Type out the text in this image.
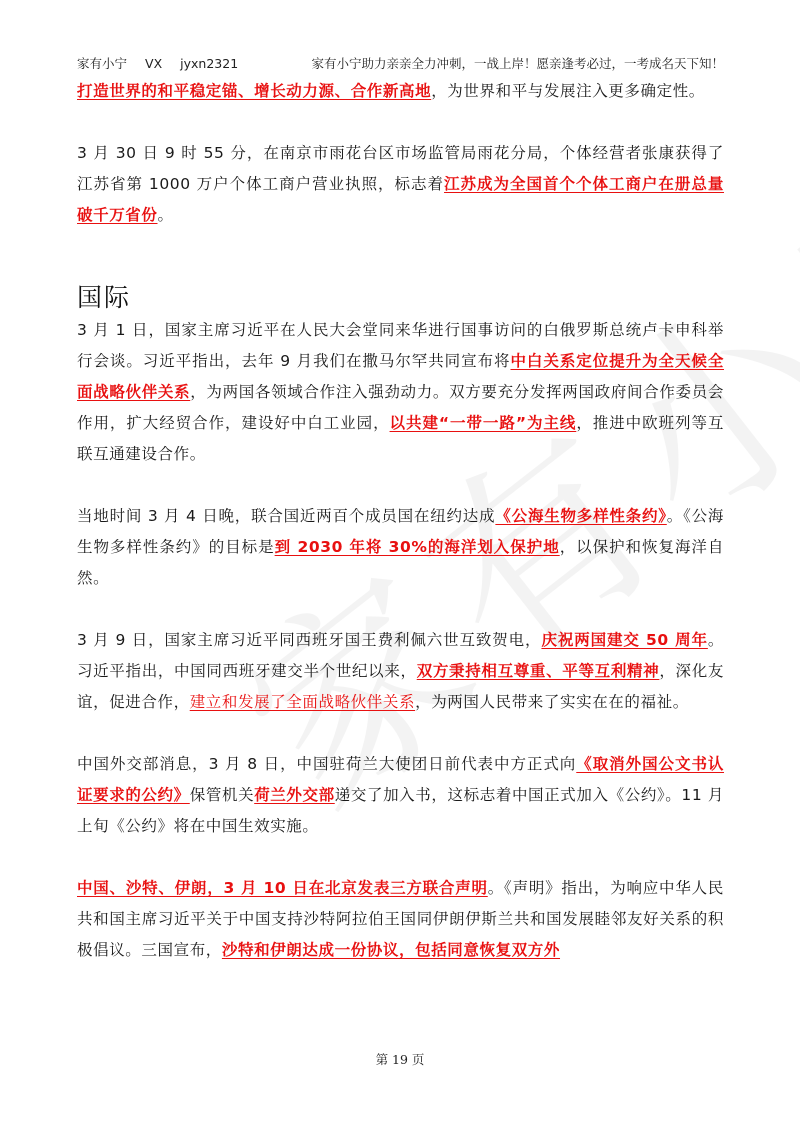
家有小宁 VX jyxn2321	家有小宁助力亲亲全力冲刺，一战上岸！愿亲逢考必过，一考成名天下知！

打造世界的和平稳定锚、增长动力源、合作新高地，为世界和平与发展注入更多确定性。

3 月 30 日 9 时 55 分，在南京市雨花台区市场监管局雨花分局，个体经营者张康获得了江苏省第 1000 万户个体工商户营业执照，标志着江苏成为全国首个个体工商户在册总量破千万省份。

国际

3 月 1 日，国家主席习近平在人民大会堂同来华进行国事访问的白俄罗斯总统卢卡申科举行会谈。习近平指出，去年 9 月我们在撒马尔罕共同宣布将中白关系定位提升为全天候全面战略伙伴关系，为两国各领域合作注入强劲动力。双方要充分发挥两国政府间合作委员会作用，扩大经贸合作，建设好中白工业园，以共建“一带一路”为主线，推进中欧班列等互联互通建设合作。

当地时间 3 月 4 日晚，联合国近两百个成员国在纽约达成《公海生物多样性条约》。《公海生物多样性条约》的目标是到 2030 年将 30%的海洋划入保护地，以保护和恢复海洋自然。

3 月 9 日，国家主席习近平同西班牙国王费利佩六世互致贺电，庆祝两国建交 50 周年。习近平指出，中国同西班牙建交半个世纪以来，双方秉持相互尊重、平等互利精神，深化友谊，促进合作，建立和发展了全面战略伙伴关系，为两国人民带来了实实在在的福祉。

中国外交部消息，3 月 8 日，中国驻荷兰大使团日前代表中方正式向《取消外国公文书认证要求的公约》保管机关荷兰外交部递交了加入书，这标志着中国正式加入《公约》。11 月上旬《公约》将在中国生效实施。

中国、沙特、伊朗，3 月 10 日在北京发表三方联合声明。《声明》指出，为响应中华人民共和国主席习近平关于中国支持沙特阿拉伯王国同伊朗伊斯兰共和国发展睦邻友好关系的积极倡议。三国宣布，沙特和伊朗达成一份协议，包括同意恢复双方外

第 19 页
